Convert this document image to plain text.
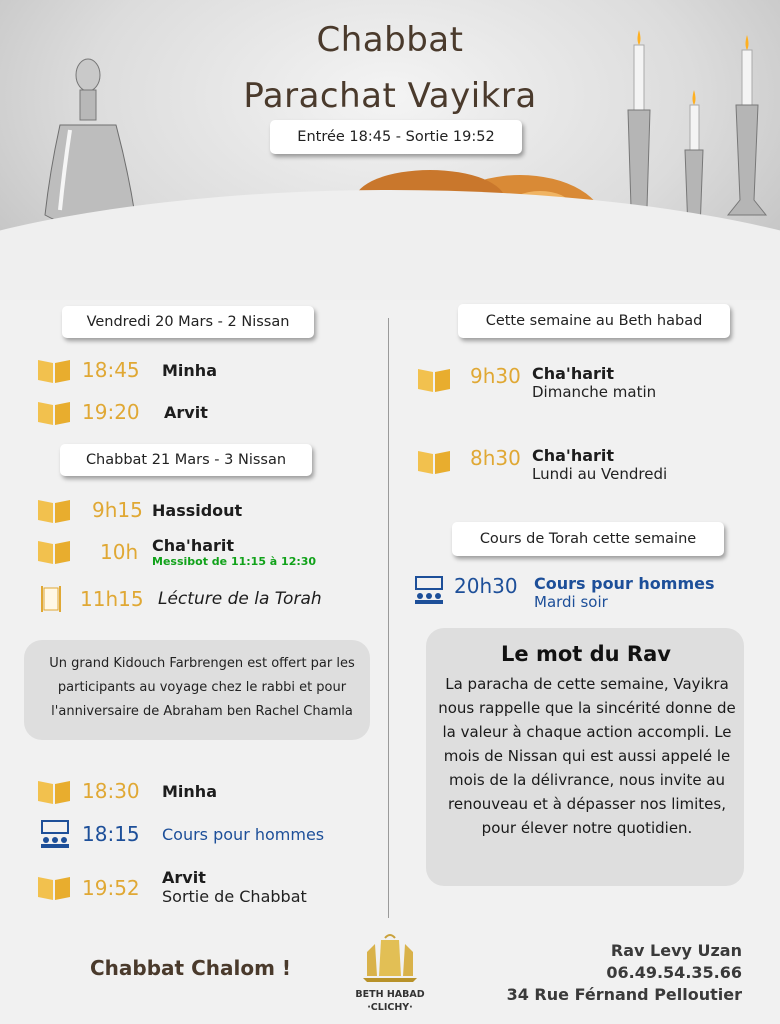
Chabbat
Parachat Vayikra
Entrée 18:45 - Sortie 19:52
Vendredi 20 Mars - 2 Nissan
18:45	Minha
19:20	Arvit
Chabbat 21 Mars - 3 Nissan
9h15 Hassidout
10h Cha'harit
Messibot de 11:15 à 12:30
11h15 Lécture de la Torah
Un grand Kidouch Farbrengen est offert par les participants au voyage chez le rabbi et pour l'anniversaire de Abraham ben Rachel Chamla
18:30	Minha
18:15	Cours pour hommes
19:52	Arvit
Sortie de Chabbat
Cette semaine au Beth habad
9h30 Cha'harit
Dimanche matin
8h30 Cha'harit
Lundi au Vendredi
Cours de Torah cette semaine
20h30	Cours pour hommes
Mardi soir
Le mot du Rav
La paracha de cette semaine, Vayikra nous rappelle que la sincérité donne de la valeur à chaque action accompli. Le mois de Nissan qui est aussi appelé le mois de la délivrance, nous invite au renouveau et à dépasser nos limites, pour élever notre quotidien.
Chabbat Chalom !
BETH HABAD
·CLICHY·
Rav Levy Uzan
06.49.54.35.66
34 Rue Férnand Pelloutier
